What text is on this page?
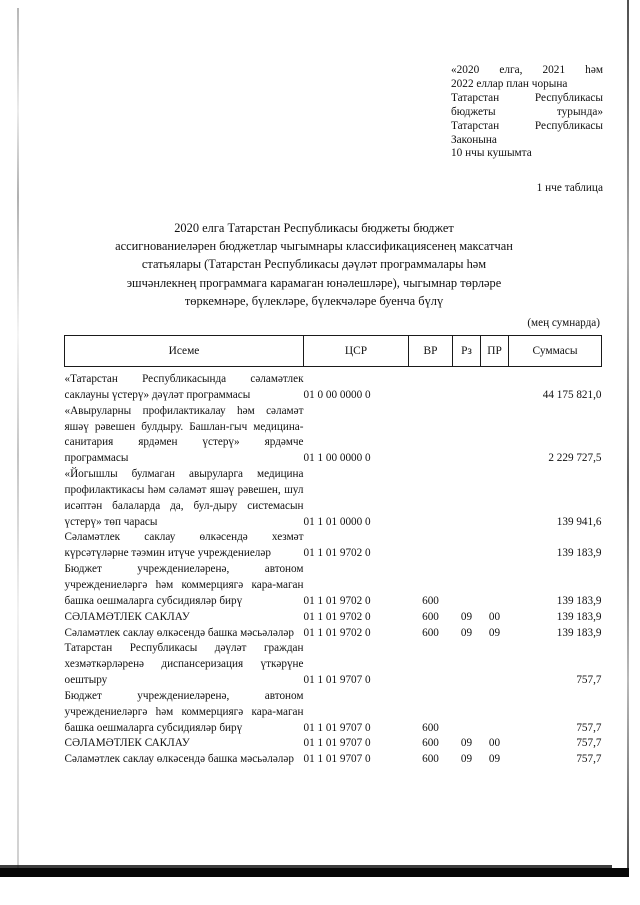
«2020 елга, 2021 һәм
2022 еллар план чорына
Татарстан Республикасы
бюджеты турында»
Татарстан Республикасы
Законына
10 нчы кушымта
1 нче таблица
2020 елга Татарстан Республикасы бюджеты бюджет
ассигнованиеләрен бюджетлар чыгымнары классификациясенең максатчан
статьялары (Татарстан Республикасы дәүләт программалары һәм
эшчәнлекнең программага карамаган юнәлешләре), чыгымнар төрләре
төркемнәре, бүлекләре, бүлекчәләре буенча бүлү
(мең сумнарда)
Исеме	ЦСР	ВР	Рз	ПР	Суммасы
«Татарстан Республикасында сәламәтлек саклауны үстерү» дәүләт программасы	01 0 00 0000 0				44 175 821,0
«Авыруларны профилактикалау һәм сәламәт яшәү рәвешен булдыру. Башлан-гыч медицина-санитария ярдәмен үстерү» ярдәмче программасы	01 1 00 0000 0				2 229 727,5
«Йогышлы булмаган авыруларга медицина профилактикасы һәм сәламәт яшәү рәвешен, шул исәптән балаларда да, бул-дыру системасын үстерү» төп чарасы	01 1 01 0000 0				139 941,6
Сәламәтлек саклау өлкәсендә хезмәт күрсәтүләрне тәэмин итүче учреждениеләр	01 1 01 9702 0				139 183,9
Бюджет учреждениеләренә, автоном учреждениеләргә һәм коммерциягә кара-маган башка оешмаларга субсидияләр бирү	01 1 01 9702 0	600			139 183,9
СӘЛАМӘТЛЕК САКЛАУ	01 1 01 9702 0	600	09	00	139 183,9
Сәламәтлек саклау өлкәсендә башка мәсьәләләр	01 1 01 9702 0	600	09	09	139 183,9
Татарстан Республикасы дәүләт граждан хезмәткәрләренә диспансеризация үткәрүне оештыру	01 1 01 9707 0				757,7
Бюджет учреждениеләренә, автоном учреждениеләргә һәм коммерциягә кара-маган башка оешмаларга субсидияләр бирү	01 1 01 9707 0	600			757,7
СӘЛАМӘТЛЕК САКЛАУ	01 1 01 9707 0	600	09	00	757,7
Сәламәтлек саклау өлкәсендә башка мәсьәләләр	01 1 01 9707 0	600	09	09	757,7
